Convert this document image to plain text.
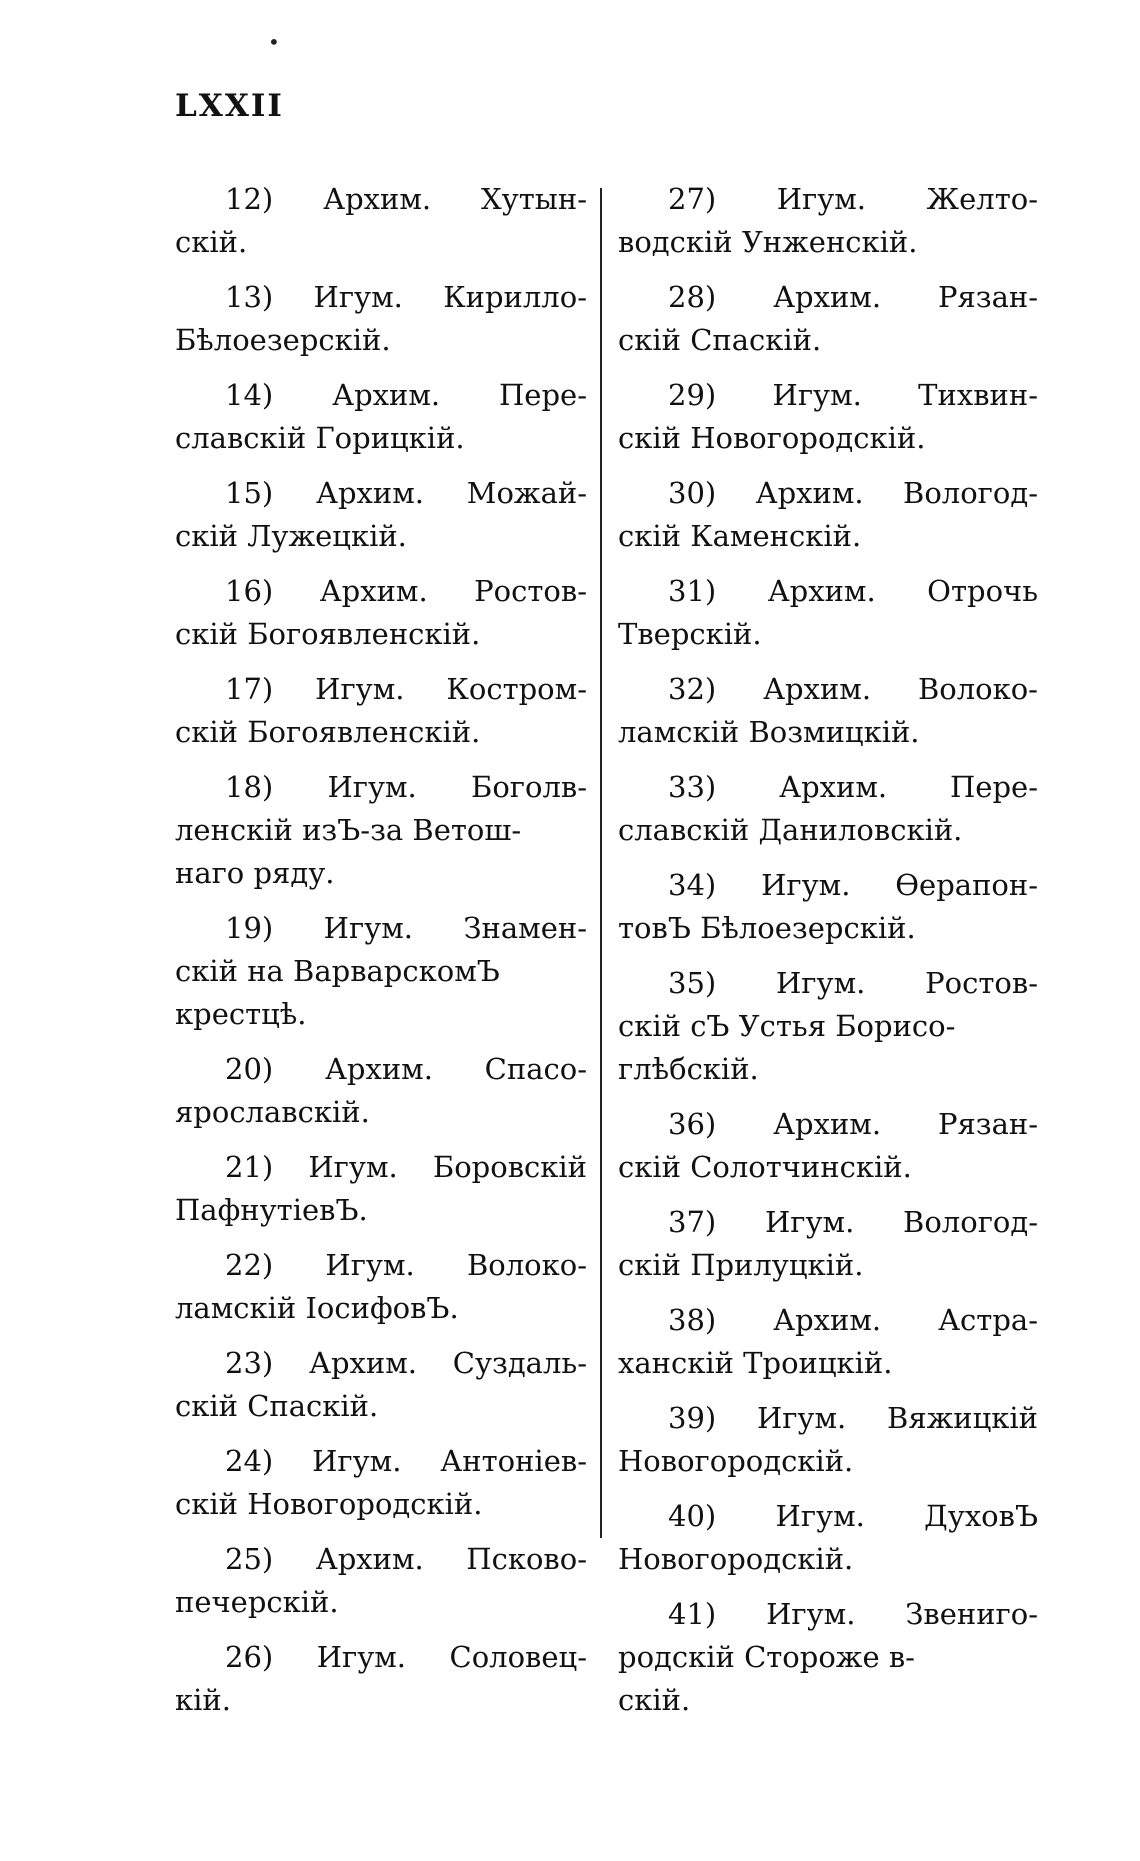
•
LXXII
12) Архим. Хутын-
скій.
13) Игум. Кирилло-
Бѣлоезерскій.
14) Архим. Пере-
славскій Горицкій.
15) Архим. Можай-
скій Лужецкій.
16) Архим. Ростов-
скій Богоявленскій.
17) Игум. Костром-
скій Богоявленскій.
18) Игум. Боголв-
ленскій изЪ-за Ветош-
наго ряду.
19) Игум. Знамен-
скій на ВарварскомЪ
крестцѣ.
20) Архим. Спасо-
ярославскій.
21) Игум. Боровскій
ПафнутіевЪ.
22) Игум. Волоко-
ламскій ІосифовЪ.
23) Архим. Суздаль-
скій Спаскій.
24) Игум. Антоніев-
скій Новогородскій.
25) Архим. Псково-
печерскій.
26) Игум. Соловец-
кій.
27) Игум. Желто-
водскій Унженскій.
28) Архим. Рязан-
скій Спаскій.
29) Игум. Тихвин-
скій Новогородскій.
30) Архим. Вологод-
скій Каменскій.
31) Архим. Отрочь
Тверскій.
32) Архим. Волоко-
ламскій Возмицкій.
33) Архим. Пере-
славскій Даниловскій.
34) Игум. Ѳерапон-
товЪ Бѣлоезерскій.
35) Игум. Ростов-
скій сЪ Устья Борисо-
глѣбскій.
36) Архим. Рязан-
скій Солотчинскій.
37) Игум. Вологод-
скій Прилуцкій.
38) Архим. Астра-
ханскій Троицкій.
39) Игум. Вяжицкій
Новогородскій.
40) Игум. ДуховЪ
Новогородскій.
41) Игум. Звениго-
родскій Стороже в-
скій.
